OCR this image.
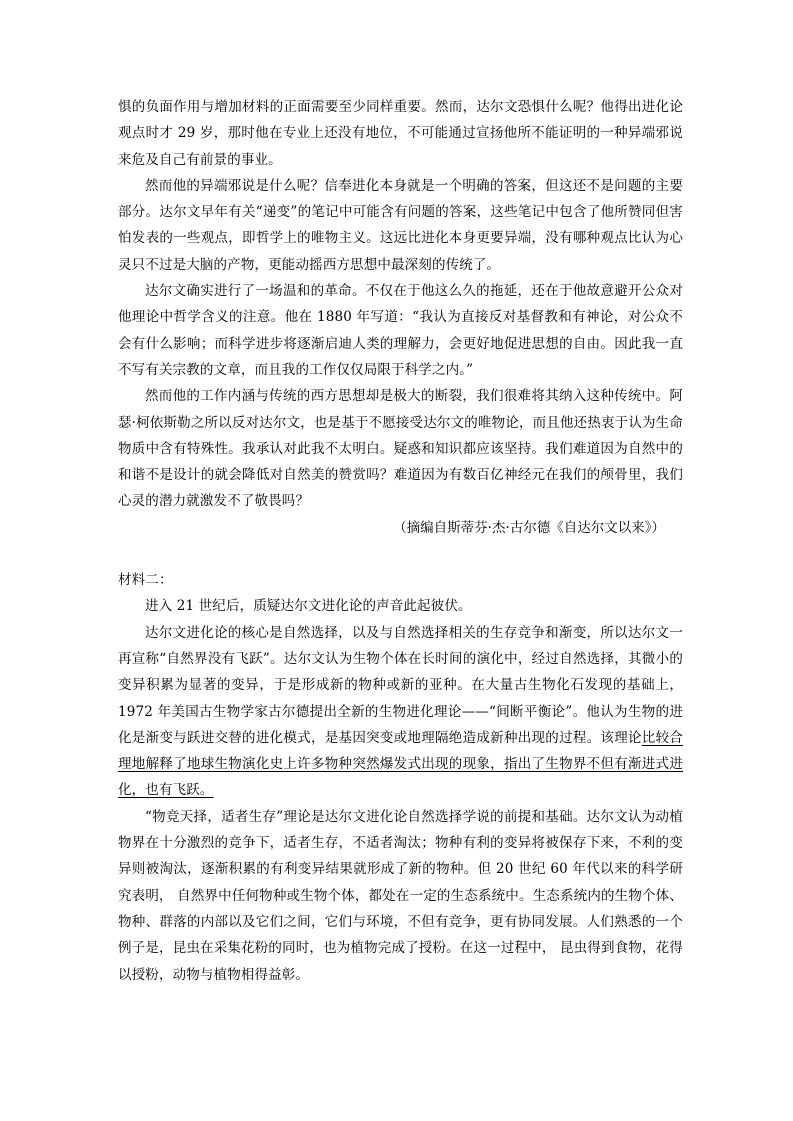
惧的负面作用与增加材料的正面需要至少同样重要。然而，达尔文恐惧什么呢？他得出进化论观点时才 29 岁，那时他在专业上还没有地位，不可能通过宣扬他所不能证明的一种异端邪说来危及自己有前景的事业。

然而他的异端邪说是什么呢？信奉进化本身就是一个明确的答案，但这还不是问题的主要部分。达尔文早年有关“递变”的笔记中可能含有问题的答案，这些笔记中包含了他所赞同但害怕发表的一些观点，即哲学上的唯物主义。这远比进化本身更要异端，没有哪种观点比认为心灵只不过是大脑的产物，更能动摇西方思想中最深刻的传统了。

达尔文确实进行了一场温和的革命。不仅在于他这么久的拖延，还在于他故意避开公众对他理论中哲学含义的注意。他在 1880 年写道：“我认为直接反对基督教和有神论，对公众不会有什么影响；而科学进步将逐渐启迪人类的理解力，会更好地促进思想的自由。因此我一直不写有关宗教的文章，而且我的工作仅仅局限于科学之内。”

然而他的工作内涵与传统的西方思想却是极大的断裂，我们很难将其纳入这种传统中。阿瑟·柯依斯勒之所以反对达尔文，也是基于不愿接受达尔文的唯物论，而且他还热衷于认为生命物质中含有特殊性。我承认对此我不太明白。疑惑和知识都应该坚持。我们难道因为自然中的和谐不是设计的就会降低对自然美的赞赏吗？难道因为有数百亿神经元在我们的颅骨里，我们心灵的潜力就激发不了敬畏吗？

（摘编自斯蒂芬·杰·古尔德《自达尔文以来》）

材料二：

进入 21 世纪后，质疑达尔文进化论的声音此起彼伏。

达尔文进化论的核心是自然选择，以及与自然选择相关的生存竞争和渐变，所以达尔文一再宣称“自然界没有飞跃”。达尔文认为生物个体在长时间的演化中，经过自然选择，其微小的变异积累为显著的变异，于是形成新的物种或新的亚种。在大量古生物化石发现的基础上，1972 年美国古生物学家古尔德提出全新的生物进化理论——“间断平衡论”。他认为生物的进化是渐变与跃进交替的进化模式，是基因突变或地理隔绝造成新种出现的过程。该理论比较合理地解释了地球生物演化史上许多物种突然爆发式出现的现象，指出了生物界不但有渐进式进化，也有飞跃。

“物竞天择，适者生存”理论是达尔文进化论自然选择学说的前提和基础。达尔文认为动植物界在十分激烈的竞争下，适者生存，不适者淘汰；物种有利的变异将被保存下来，不利的变异则被淘汰，逐渐积累的有利变异结果就形成了新的物种。但 20 世纪 60 年代以来的科学研究表明， 自然界中任何物种或生物个体，都处在一定的生态系统中。生态系统内的生物个体、物种、群落的内部以及它们之间，它们与环境，不但有竞争，更有协同发展。人们熟悉的一个例子是，昆虫在采集花粉的同时，也为植物完成了授粉。在这一过程中， 昆虫得到食物，花得以授粉，动物与植物相得益彰。
